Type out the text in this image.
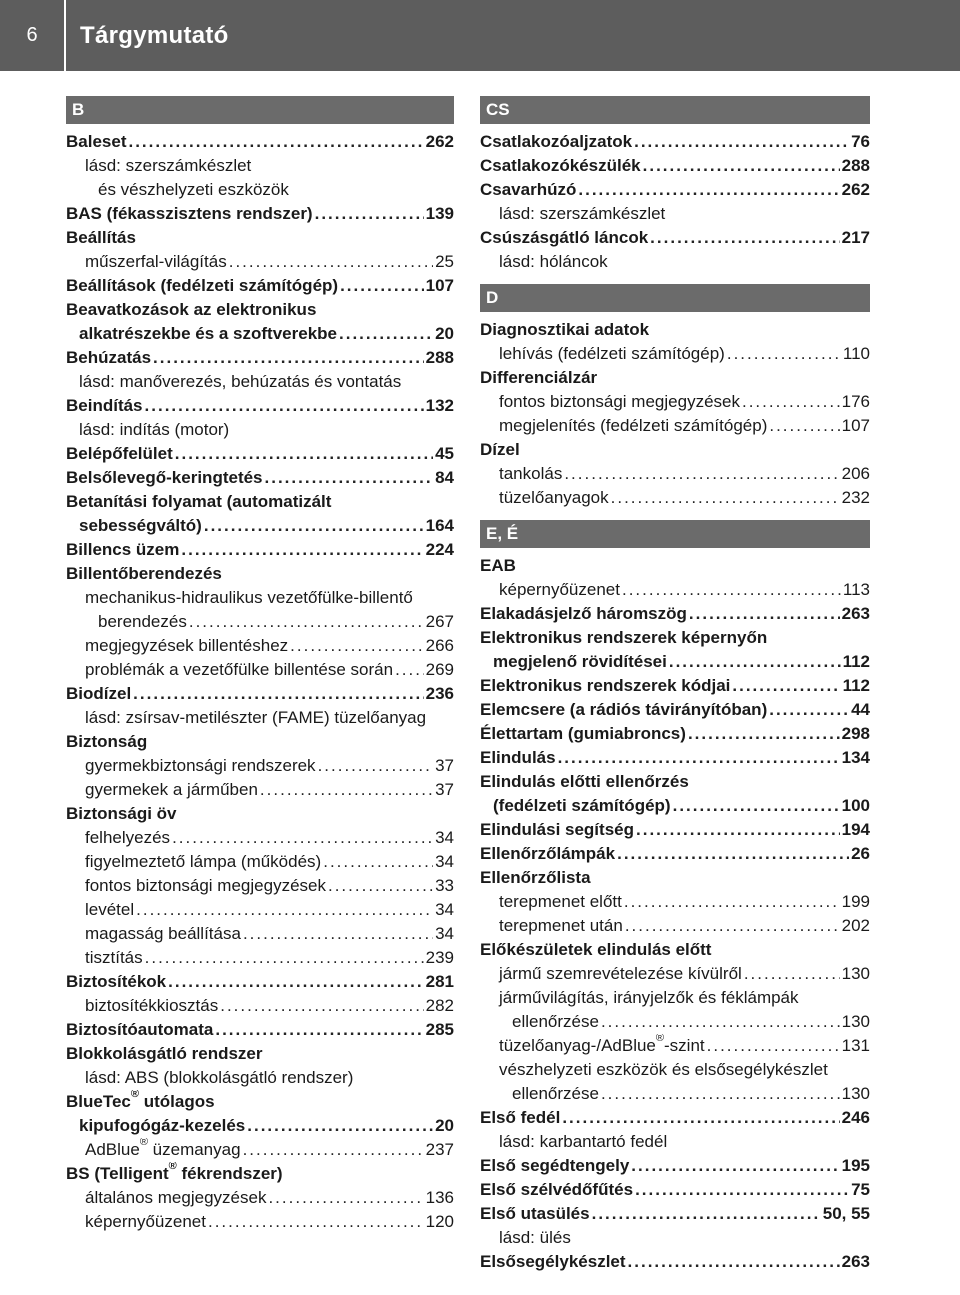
6	Tárgymutató
B
Baleset .....	262
lásd: szerszámkészlet
és vészhelyzeti eszközök
BAS (fékasszisztens rendszer) .....	139
Beállítás
műszerfal-világítás .....	25
Beállítások (fedélzeti számítógép) .....	107
Beavatkozások az elektronikus
alkatrészekbe és a szoftverekbe .....	20
Behúzatás .....	288
lásd: manőverezés, behúzatás és vontatás
Beindítás .....	132
lásd: indítás (motor)
Belépőfelület .....	45
Belsőlevegő-keringtetés .....	84
Betanítási folyamat (automatizált
sebességváltó) .....	164
Billencs üzem .....	224
Billentőberendezés
mechanikus-hidraulikus vezetőfülke-billentő
berendezés .....	267
megjegyzések billentéshez .....	266
problémák a vezetőfülke billentése során ..... 269
Biodízel .....	236
lásd: zsírsav-metilészter (FAME) tüzelőanyag
Biztonság
gyermekbiztonsági rendszerek .....	37
gyermekek a járműben .....	37
Biztonsági öv
felhelyezés .....	34
figyelmeztető lámpa (működés) .....	34
fontos biztonsági megjegyzések .....	33
levétel .....	34
magasság beállítása .....	34
tisztítás .....	239
Biztosítékok .....	281
biztosítékkiosztás .....	282
Biztosítóautomata .....	285
Blokkolásgátló rendszer
lásd: ABS (blokkolásgátló rendszer)
BlueTec® utólagos
kipufogógáz-kezelés .....	20
AdBlue® üzemanyag .....	237
BS (Telligent® fékrendszer)
általános megjegyzések .....	136
képernyőüzenet .....	120
CS
Csatlakozóaljzatok .....	76
Csatlakozókészülék .....	288
Csavarhúzó .....	262
lásd: szerszámkészlet
Csúszásgátló láncok .....	217
lásd: hóláncok
D
Diagnosztikai adatok
lehívás (fedélzeti számítógép) .....	110
Differenciálzár
fontos biztonsági megjegyzések .....	176
megjelenítés (fedélzeti számítógép) .....	107
Dízel
tankolás .....	206
tüzelőanyagok .....	232
E, É
EAB
képernyőüzenet .....	113
Elakadásjelző háromszög .....	263
Elektronikus rendszerek képernyőn
megjelenő rövidítései .....	112
Elektronikus rendszerek kódjai .....	112
Elemcsere (a rádiós távirányítóban) .....	44
Élettartam (gumiabroncs) .....	298
Elindulás .....	134
Elindulás előtti ellenőrzés
(fedélzeti számítógép) .....	100
Elindulási segítség .....	194
Ellenőrzőlámpák .....	26
Ellenőrzőlista
terepmenet előtt .....	199
terepmenet után .....	202
Előkészületek elindulás előtt
jármű szemrevételezése kívülről .....	130
járművilágítás, irányjelzők és féklámpák
ellenőrzése .....	130
tüzelőanyag-/AdBlue®-szint .....	131
vészhelyzeti eszközök és elsősegélykészlet
ellenőrzése .....	130
Első fedél .....	246
lásd: karbantartó fedél
Első segédtengely .....	195
Első szélvédőfűtés .....	75
Első utasülés .....	50, 55
lásd: ülés
Elsősegélykészlet .....	263
